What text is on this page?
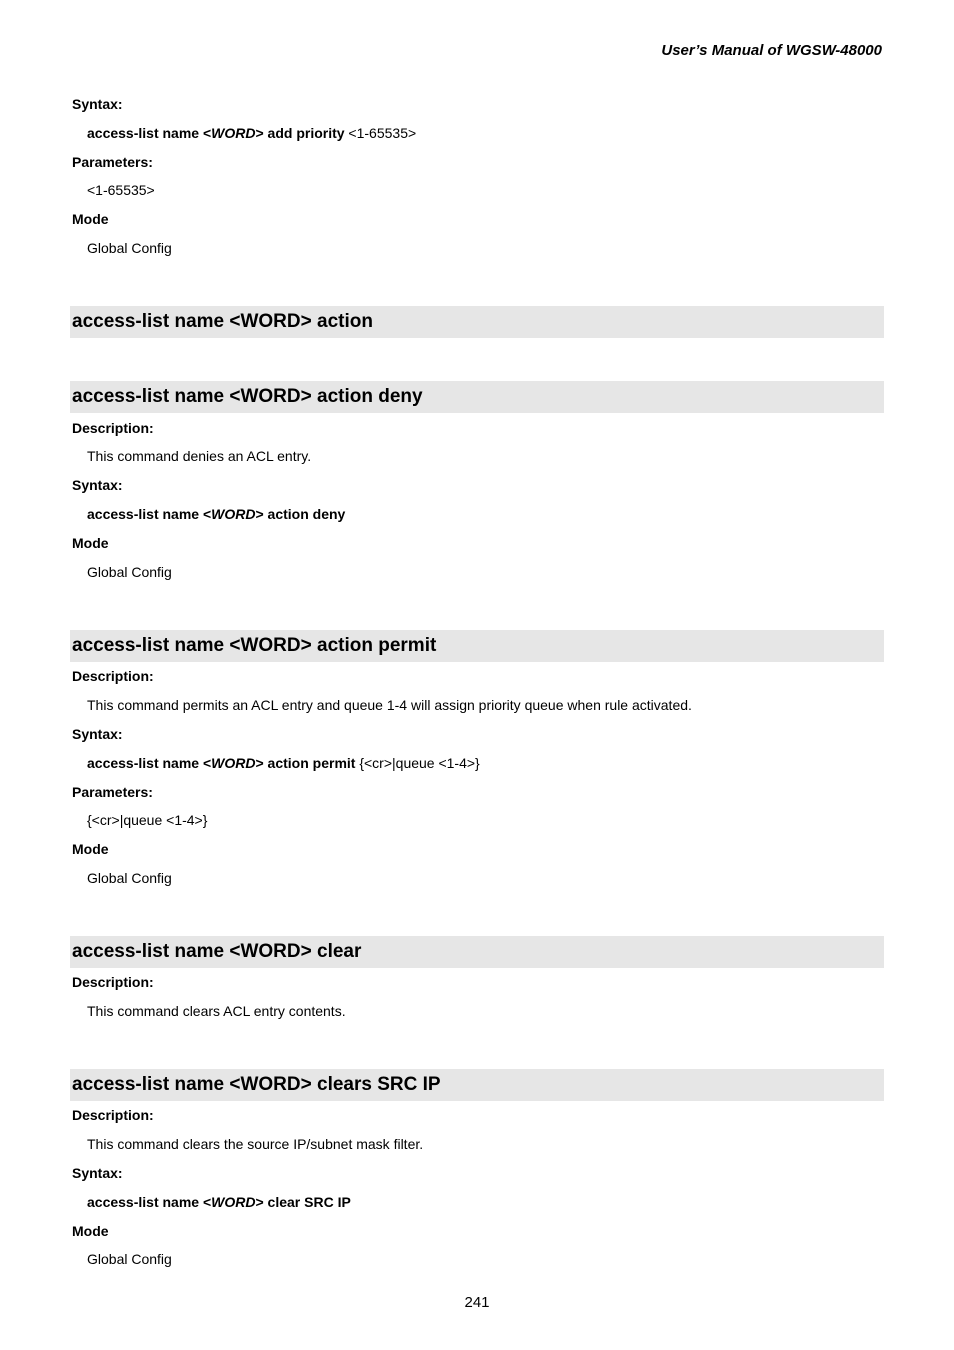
User’s Manual of WGSW-48000
Syntax:
access-list name <WORD> add priority <1-65535>
Parameters:
<1-65535>
Mode
Global Config
access-list name <WORD> action
access-list name <WORD> action deny
Description:
This command denies an ACL entry.
Syntax:
access-list name <WORD> action deny
Mode
Global Config
access-list name <WORD> action permit
Description:
This command permits an ACL entry and queue 1-4 will assign priority queue when rule activated.
Syntax:
access-list name <WORD> action permit {<cr>|queue <1-4>}
Parameters:
{<cr>|queue <1-4>}
Mode
Global Config
access-list name <WORD> clear
Description:
This command clears ACL entry contents.
access-list name <WORD> clears SRC IP
Description:
This command clears the source IP/subnet mask filter.
Syntax:
access-list name <WORD> clear SRC IP
Mode
Global Config
241
